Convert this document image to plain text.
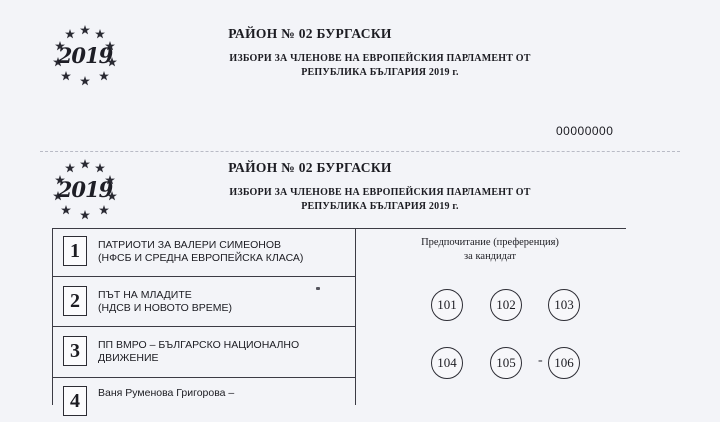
2019
РАЙОН № 02 БУРГАСКИ
ИЗБОРИ ЗА ЧЛЕНОВЕ НА ЕВРОПЕЙСКИЯ ПАРЛАМЕНТ ОТ
РЕПУБЛИКА БЪЛГАРИЯ 2019 г.
00000000
2019
РАЙОН № 02 БУРГАСКИ
ИЗБОРИ ЗА ЧЛЕНОВЕ НА ЕВРОПЕЙСКИЯ ПАРЛАМЕНТ ОТ
РЕПУБЛИКА БЪЛГАРИЯ 2019 г.
1	ПАТРИОТИ ЗА ВАЛЕРИ СИМЕОНОВ
(НФСБ И СРЕДНА ЕВРОПЕЙСКА КЛАСА)
2	ПЪТ НА МЛАДИТЕ
(НДСВ И НОВОТО ВРЕМЕ)
3	ПП ВМРО – БЪЛГАРСКО НАЦИОНАЛНО
ДВИЖЕНИЕ
4	Ваня Руменова Григорова –
Предпочитание (преференция)
за кандидат
101	102	103
104	105	- 106
